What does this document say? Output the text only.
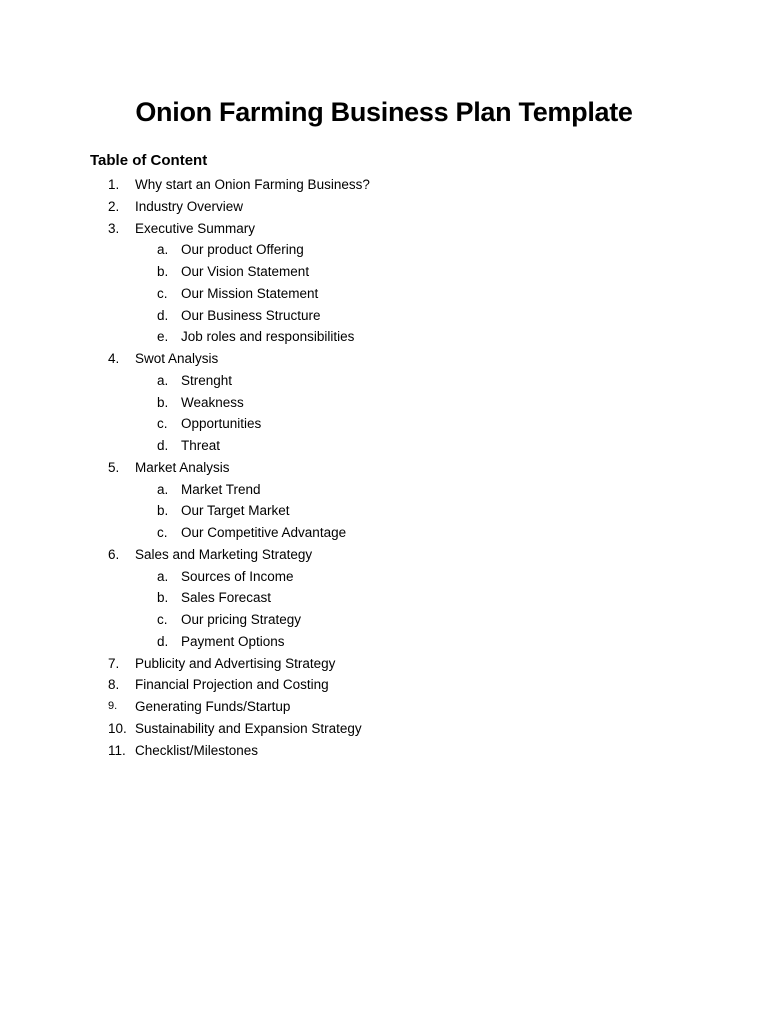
Onion Farming Business Plan Template
Table of Content
1.	Why start an Onion Farming Business?
2.	Industry Overview
3.	Executive Summary
a. Our product Offering
b. Our Vision Statement
c. Our Mission Statement
d. Our Business Structure
e. Job roles and responsibilities
4.	Swot Analysis
a. Strenght
b. Weakness
c. Opportunities
d. Threat
5.	Market Analysis
a. Market Trend
b. Our Target Market
c. Our Competitive Advantage
6.	Sales and Marketing Strategy
a. Sources of Income
b. Sales Forecast
c. Our pricing Strategy
d. Payment Options
7.	Publicity and Advertising Strategy
8.	Financial Projection and Costing
9.	Generating Funds/Startup
10. Sustainability and Expansion Strategy
11. Checklist/Milestones
